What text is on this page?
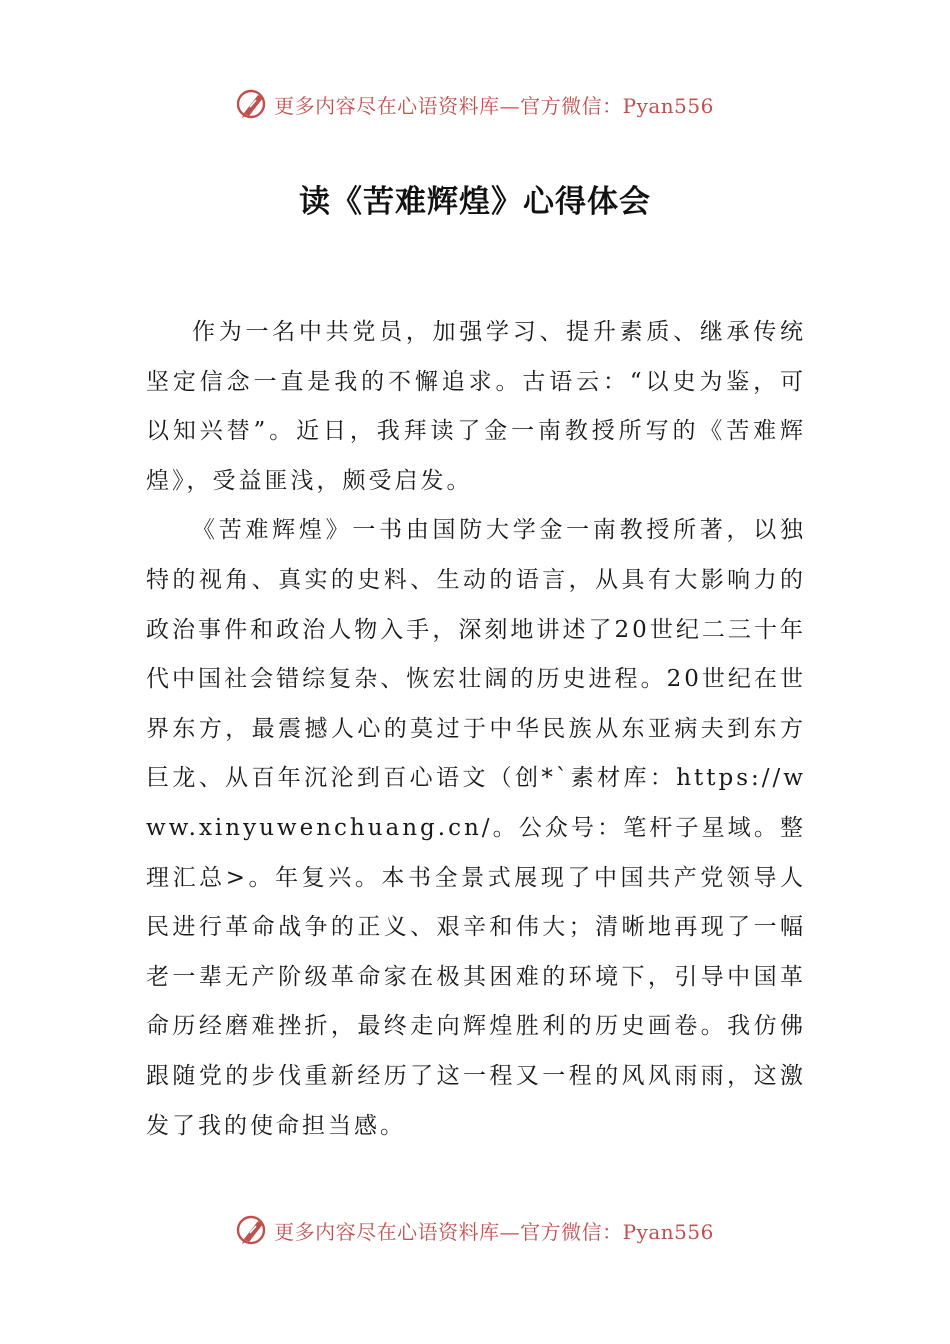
更多内容尽在心语资料库—官方微信：Pyan556
读《苦难辉煌》心得体会

作为一名中共党员，加强学习、提升素质、继承传统坚定信念一直是我的不懈追求。古语云：“以史为鉴，可以知兴替”。近日，我拜读了金一南教授所写的《苦难辉煌》，受益匪浅，颇受启发。

《苦难辉煌》一书由国防大学金一南教授所著，以独特的视角、真实的史料、生动的语言，从具有大影响力的政治事件和政治人物入手，深刻地讲述了20世纪二三十年代中国社会错综复杂、恢宏壮阔的历史进程。20世纪在世界东方，最震撼人心的莫过于中华民族从东亚病夫到东方巨龙、从百年沉沦到百心语文（创*`素材库：https://www.xinyuwenchuang.cn/。公众号：笔杆子星域。整理汇总>。年复兴。本书全景式展现了中国共产党领导人民进行革命战争的正义、艰辛和伟大；清晰地再现了一幅老一辈无产阶级革命家在极其困难的环境下，引导中国革命历经磨难挫折，最终走向辉煌胜利的历史画卷。我仿佛跟随党的步伐重新经历了这一程又一程的风风雨雨，这激发了我的使命担当感。

更多内容尽在心语资料库—官方微信：Pyan556
